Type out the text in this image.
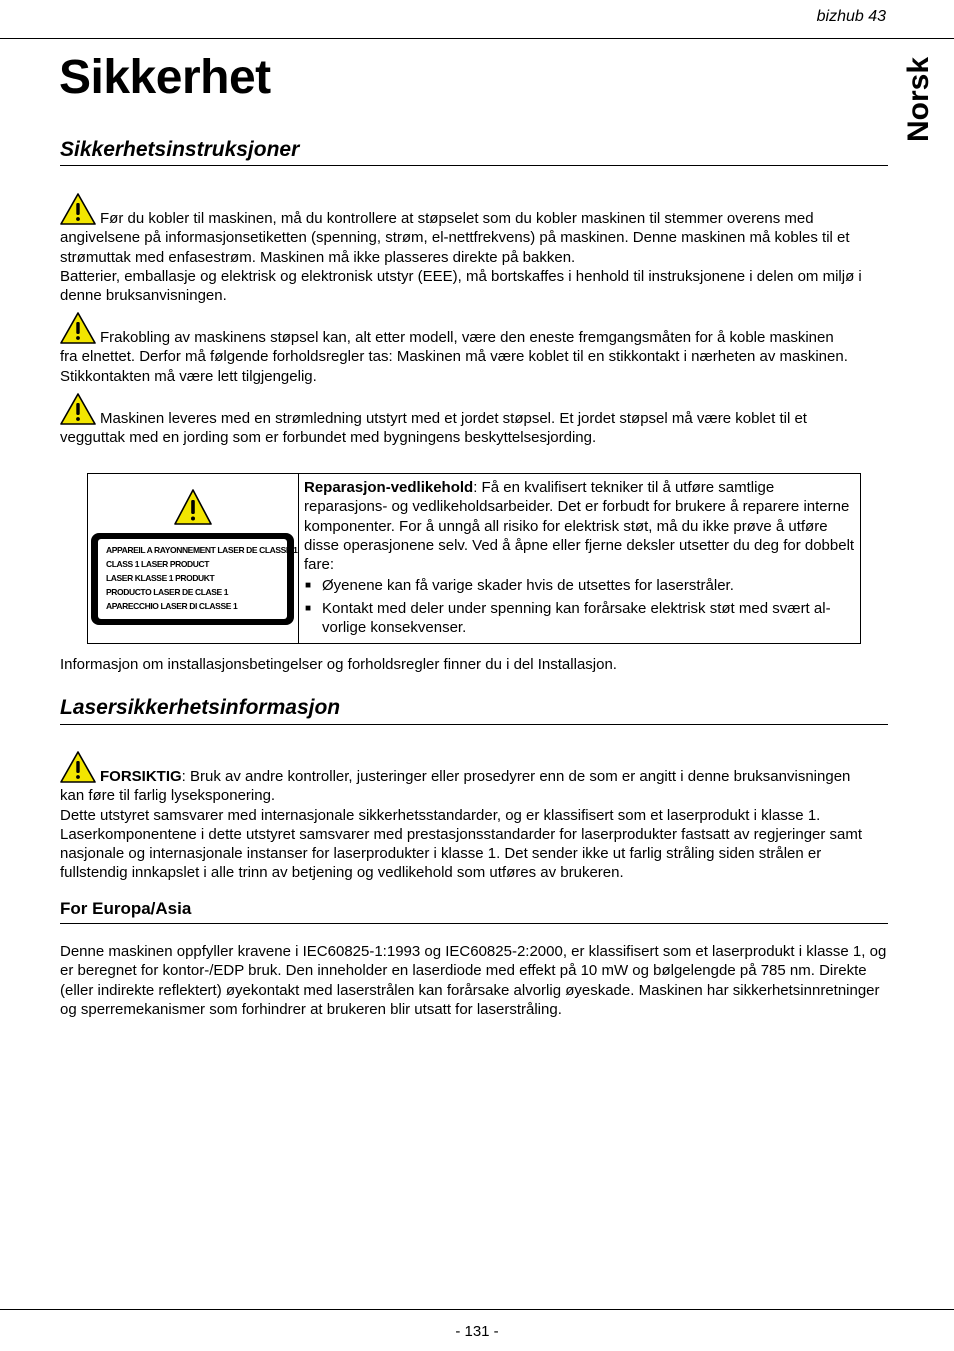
bizhub 43
Sikkerhet	Norsk
Sikkerhetsinstruksjoner
Før du kobler til maskinen, må du kontrollere at støpselet som du kobler maskinen til stemmer overens med
angivelsene på informasjonsetiketten (spenning, strøm, el-nettfrekvens) på maskinen. Denne maskinen må kobles til et strømuttak med enfasestrøm. Maskinen må ikke plasseres direkte på bakken.
Batterier, emballasje og elektrisk og elektronisk utstyr (EEE), må bortskaffes i henhold til instruksjonene i delen om miljø i denne bruksanvisningen.
Frakobling av maskinens støpsel kan, alt etter modell, være den eneste fremgangsmåten for å koble maskinen
fra elnettet. Derfor må følgende forholdsregler tas: Maskinen må være koblet til en stikkontakt i nærheten av maskinen. Stikkontakten må være lett tilgjengelig.
Maskinen leveres med en strømledning utstyrt med et jordet støpsel. Et jordet støpsel må være koblet til et
vegguttak med en jording som er forbundet med bygningens beskyttelsesjording.
APPAREIL A RAYONNEMENT LASER DE CLASSE 1
CLASS 1 LASER PRODUCT
LASER KLASSE 1 PRODUKT
PRODUCTO LASER DE CLASE 1
APARECCHIO LASER DI CLASSE 1
Reparasjon-vedlikehold: Få en kvalifisert tekniker til å utføre samtlige reparasjons- og vedlikeholdsarbeider. Det er forbudt for brukere å reparere interne komponenter. For å unngå all risiko for elektrisk støt, må du ikke prøve å utføre disse operasjonene selv. Ved å åpne eller fjerne deksler utsetter du deg for dobbelt fare:
■ Øyenene kan få varige skader hvis de utsettes for laserstråler.
■ Kontakt med deler under spenning kan forårsake elektrisk støt med svært al-vorlige konsekvenser.
Informasjon om installasjonsbetingelser og forholdsregler finner du i del Installasjon.
Lasersikkerhetsinformasjon
FORSIKTIG: Bruk av andre kontroller, justeringer eller prosedyrer enn de som er angitt i denne bruksanvisningen
kan føre til farlig lyseksponering.
Dette utstyret samsvarer med internasjonale sikkerhetsstandarder, og er klassifisert som et laserprodukt i klasse 1. Laserkomponentene i dette utstyret samsvarer med prestasjonsstandarder for laserprodukter fastsatt av regjeringer samt nasjonale og internasjonale instanser for laserprodukter i klasse 1. Det sender ikke ut farlig stråling siden strålen er fullstendig innkapslet i alle trinn av betjening og vedlikehold som utføres av brukeren.
For Europa/Asia
Denne maskinen oppfyller kravene i IEC60825-1:1993 og IEC60825-2:2000, er klassifisert som et laserprodukt i klasse 1, og er beregnet for kontor-/EDP bruk. Den inneholder en laserdiode med effekt på 10 mW og bølgelengde på 785 nm. Direkte (eller indirekte reflektert) øyekontakt med laserstrålen kan forårsake alvorlig øyeskade. Maskinen har sikkerhetsinnretninger og sperremekanismer som forhindrer at brukeren blir utsatt for laserstråling.
- 131 -
